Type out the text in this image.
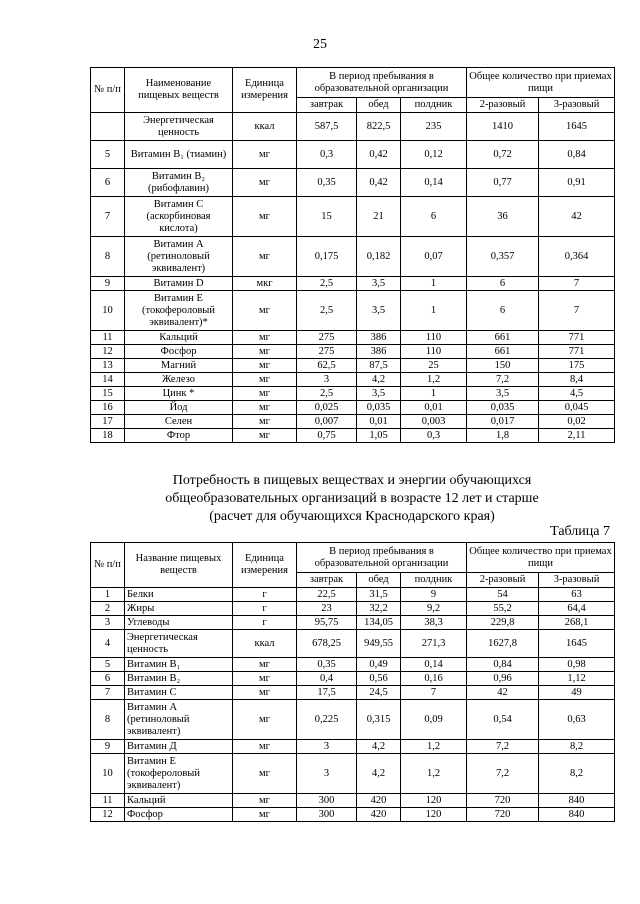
25
№ п/п	Наименование пищевых веществ	Единица измерения	В период пребывания в образовательной организации			Общее количество при приемах пищи	
			завтрак	обед	полдник	2-разовый	3-разовый
	Энергетическая ценность	ккал	587,5	822,5	235	1410	1645
5	Витамин B₁ (тиамин)	мг	0,3	0,42	0,12	0,72	0,84
6	Витамин B₂ (рибофлавин)	мг	0,35	0,42	0,14	0,77	0,91
7	Витамин C (аскорбиновая кислота)	мг	15	21	6	36	42
8	Витамин A (ретиноловый эквивалент)	мг	0,175	0,182	0,07	0,357	0,364
9	Витамин D	мкг	2,5	3,5	1	6	7
10	Витамин E (токофероловый эквивалент)*	мг	2,5	3,5	1	6	7
11	Кальций	мг	275	386	110	661	771
12	Фосфор	мг	275	386	110	661	771
13	Магний	мг	62,5	87,5	25	150	175
14	Железо	мг	3	4,2	1,2	7,2	8,4
15	Цинк *	мг	2,5	3,5	1	3,5	4,5
16	Йод	мг	0,025	0,035	0,01	0,035	0,045
17	Селен	мг	0,007	0,01	0,003	0,017	0,02
18	Фтор	мг	0,75	1,05	0,3	1,8	2,11
Потребность в пищевых веществах и энергии обучающихся
общеобразовательных организаций в возрасте 12 лет и старше
(расчет для обучающихся Краснодарского края)
Таблица 7
№ п/п	Название пищевых веществ	Единица измерения	В период пребывания в образовательной организации			Общее количество при приемах пищи	
			завтрак	обед	полдник	2-разовый	3-разовый
1	Белки	г	22,5	31,5	9	54	63
2	Жиры	г	23	32,2	9,2	55,2	64,4
3	Углеводы	г	95,75	134,05	38,3	229,8	268,1
4	Энергетическая ценность	ккал	678,25	949,55	271,3	1627,8	1645
5	Витамин B₁	мг	0,35	0,49	0,14	0,84	0,98
6	Витамин B₂	мг	0,4	0,56	0,16	0,96	1,12
7	Витамин С	мг	17,5	24,5	7	42	49
8	Витамин А (ретиноловый эквивалент)	мг	0,225	0,315	0,09	0,54	0,63
9	Витамин Д	мг	3	4,2	1,2	7,2	8,2
10	Витамин Е (токофероловый эквивалент)	мг	3	4,2	1,2	7,2	8,2
11	Кальций	мг	300	420	120	720	840
12	Фосфор	мг	300	420	120	720	840
